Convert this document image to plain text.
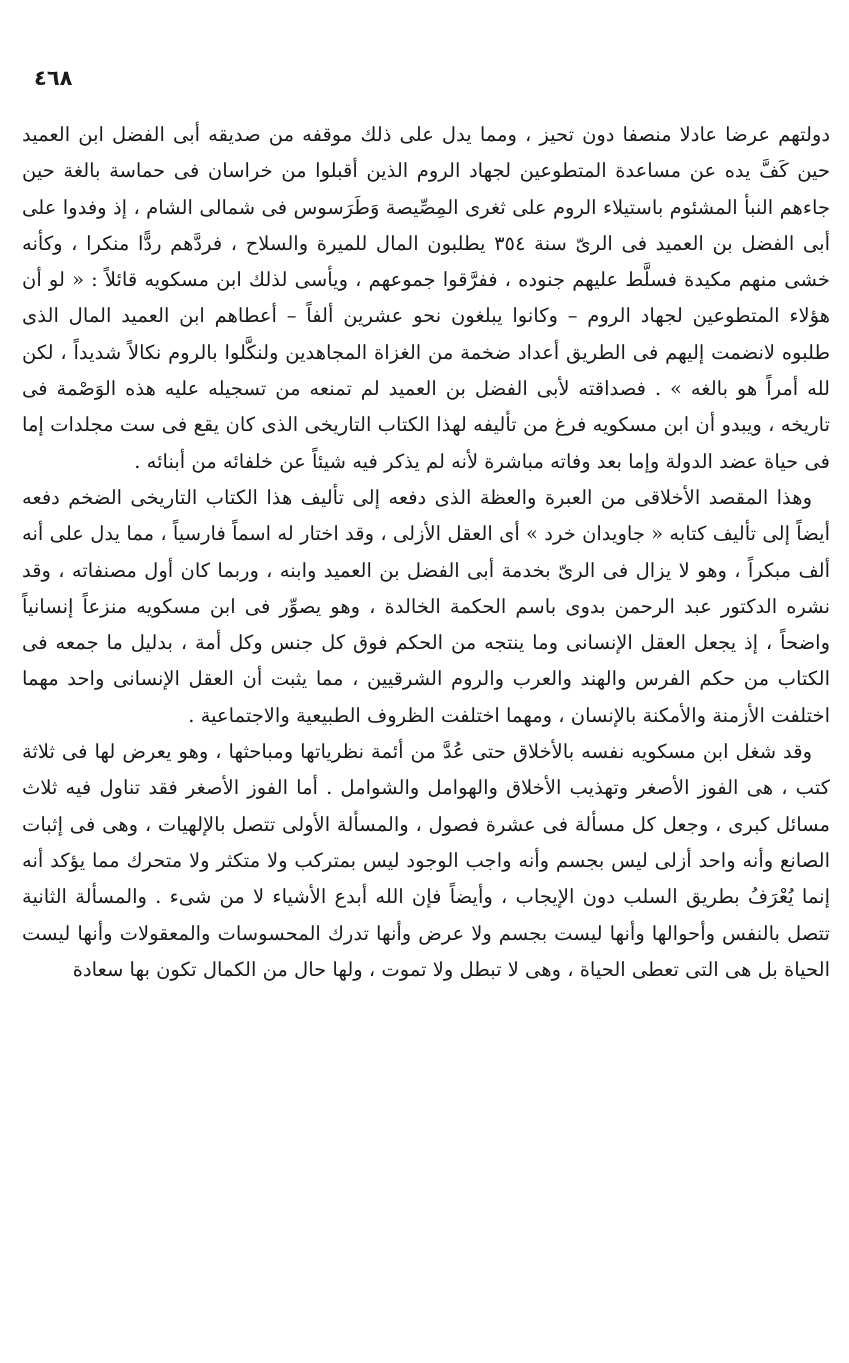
٤٦٨

دولتهم عرضا عادلا منصفا دون تحيز ، ومما يدل على ذلك موقفه من صديقه أبى الفضل ابن العميد حين كَفَّ يده عن مساعدة المتطوعين لجهاد الروم الذين أقبلوا من خراسان فى حماسة بالغة حين جاءهم النبأ المشئوم باستيلاء الروم على ثغرى المِصِّيصة وَطَرَسوس فى شمالى الشام ، إذ وفدوا على أبى الفضل بن العميد فى الرىّ سنة ٣٥٤ يطلبون المال للميرة والسلاح ، فردَّهم ردًّا منكرا ، وكأنه خشى منهم مكيدة فسلَّط عليهم جنوده ، ففرَّقوا جموعهم ، ويأسى لذلك ابن مسكويه قائلاً : « لو أن هؤلاء المتطوعين لجهاد الروم – وكانوا يبلغون نحو عشرين ألفاً – أعطاهم ابن العميد المال الذى طلبوه لانضمت إليهم فى الطريق أعداد ضخمة من الغزاة المجاهدين ولنكَّلوا بالروم نكالاً شديداً ، لكن لله أمراً هو بالغه » . فصداقته لأبى الفضل بن العميد لم تمنعه من تسجيله عليه هذه الوَصْمة فى تاريخه ، ويبدو أن ابن مسكويه فرغ من تأليفه لهذا الكتاب التاريخى الذى كان يقع فى ست مجلدات إما فى حياة عضد الدولة وإما بعد وفاته مباشرة لأنه لم يذكر فيه شيئاً عن خلفائه من أبنائه .

وهذا المقصد الأخلاقى من العبرة والعظة الذى دفعه إلى تأليف هذا الكتاب التاريخى الضخم دفعه أيضاً إلى تأليف كتابه « جاويدان خرد » أى العقل الأزلى ، وقد اختار له اسماً فارسياً ، مما يدل على أنه ألف مبكراً ، وهو لا يزال فى الرىّ بخدمة أبى الفضل بن العميد وابنه ، وربما كان أول مصنفاته ، وقد نشره الدكتور عبد الرحمن بدوى باسم الحكمة الخالدة ، وهو يصوِّر فى ابن مسكويه منزعاً إنسانياً واضحاً ، إذ يجعل العقل الإنسانى وما ينتجه من الحكم فوق كل جنس وكل أمة ، بدليل ما جمعه فى الكتاب من حكم الفرس والهند والعرب والروم الشرقيين ، مما يثبت أن العقل الإنسانى واحد مهما اختلفت الأزمنة والأمكنة بالإنسان ، ومهما اختلفت الظروف الطبيعية والاجتماعية .

وقد شغل ابن مسكويه نفسه بالأخلاق حتى عُدَّ من أئمة نظرياتها ومباحثها ، وهو يعرض لها فى ثلاثة كتب ، هى الفوز الأصغر وتهذيب الأخلاق والهوامل والشوامل . أما الفوز الأصغر فقد تناول فيه ثلاث مسائل كبرى ، وجعل كل مسألة فى عشرة فصول ، والمسألة الأولى تتصل بالإلهيات ، وهى فى إثبات الصانع وأنه واحد أزلى ليس بجسم وأنه واجب الوجود ليس بمتركب ولا متكثر ولا متحرك مما يؤكد أنه إنما يُعْرَفُ بطريق السلب دون الإيجاب ، وأيضاً فإن الله أبدع الأشياء لا من شىء . والمسألة الثانية تتصل بالنفس وأحوالها وأنها ليست بجسم ولا عرض وأنها تدرك المحسوسات والمعقولات وأنها ليست الحياة بل هى التى تعطى الحياة ، وهى لا تبطل ولا تموت ، ولها حال من الكمال تكون بها سعادة
